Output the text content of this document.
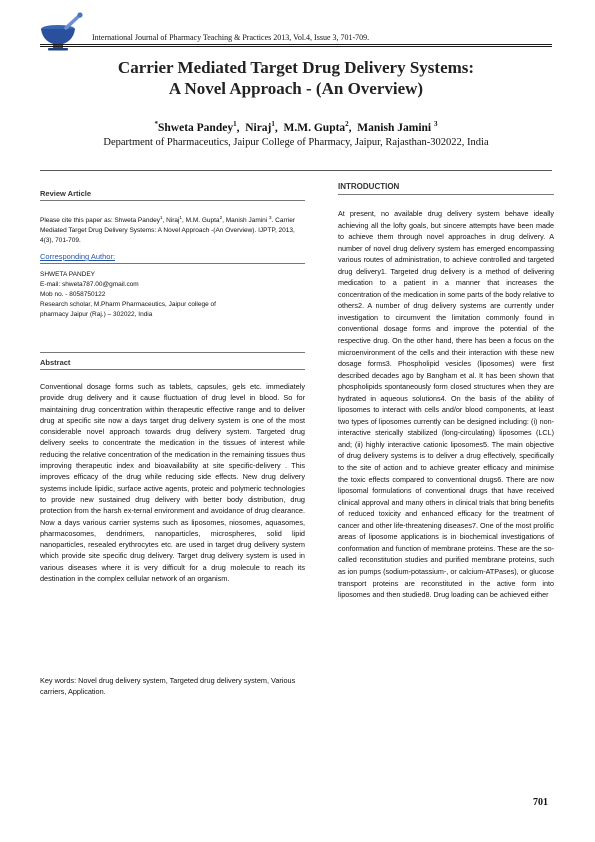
International Journal of Pharmacy Teaching & Practices 2013, Vol.4, Issue 3, 701-709.
Carrier Mediated Target Drug Delivery Systems:
A Novel Approach - (An Overview)
*Shweta Pandey$^1$,  Niraj$^1$,  M.M. Gupta$^2$,  Manish Jamini $^3$
Department of Pharmaceutics, Jaipur College of Pharmacy, Jaipur, Rajasthan-302022, India
Review Article
Please cite this paper as: Shweta Pandey$^1$, Niraj$^1$, M.M. Gupta$^2$, Manish Jamini $^3$. Carrier Mediated Target Drug Delivery Systems: A Novel Approach -(An Overview). IJPTP, 2013, 4(3), 701-709.
Corresponding Author:
SHWETA PANDEY
E-mail: shweta787.00@gmail.com
Mob no. - 8058750122
Research scholar, M.Pharm Pharmaceutics, Jaipur college of
pharmacy Jaipur (Raj.) – 302022, India
Abstract
Conventional dosage forms such as tablets, capsules, gels etc. immediately provide drug delivery and it cause fluctuation of drug level in blood. So for maintaining drug concentration within therapeutic effective range and to deliver drug at specific site now a days target drug delivery system is one of the most considerable novel approach towards drug delivery system. Targeted drug delivery seeks to concentrate the medication in the tissues of interest while reducing the relative concentration of the medication in the remaining tissues thus improving therapeutic index and bioavailability at site specific-delivery . This improves efficacy of the drug while reducing side effects. New drug delivery systems include lipidic, surface active agents, proteic and polymeric technologies to provide new sustained drug delivery with better body distribution, drug protection from the harsh ex-ternal environment and avoidance of drug clearance. Now a days various carrier systems such as liposomes, niosomes, aquasomes, pharmacosomes, dendrimers, nanoparticles, microspheres, solid lipid nanoparticles, resealed erythrocytes etc. are used in target drug delivery system which provide site specific drug delivery. Target drug delivery system is used in various diseases where it is very difficult for a drug molecule to reach its destination in the complex cellular network of an organism.
Key words: Novel drug delivery system, Targeted drug delivery system, Various carriers, Application.
INTRODUCTION
At present, no available drug delivery system behave ideally achieving all the lofty goals, but sincere attempts have been made to achieve them through novel approaches in drug delivery. A number of novel drug delivery system has emerged encompassing various routes of administration, to achieve controlled and targeted drug delivery1. Targeted drug delivery is a method of delivering medication to a patient in a manner that increases the concentration of the medication in some parts of the body relative to others2. A number of drug delivery systems are currently under investigation to circumvent the limitation commonly found in conventional dosage forms and improve the potential of the respective drug. On the other hand, there has been a focus on the microenvironment of the cells and their interaction with these new dosage forms3. Phospholipid vesicles (liposomes) were first described decades ago by Bangham et al. It has been shown that phospholipids spontaneously form closed structures when they are hydrated in aqueous solutions4. On the basis of the ability of liposomes to interact with cells and/or blood components, at least two types of liposomes currently can be designed including: (i) non-interactive sterically stabilized (long-circulating) liposomes (LCL) and; (ii) highly interactive cationic liposomes5. The main objective of drug delivery systems is to deliver a drug effectively, specifically to the site of action and to achieve greater efficacy and minimise the toxic effects compared to conventional drugs6. There are now liposomal formulations of conventional drugs that have received clinical approval and many others in clinical trials that bring benefits of reduced toxicity and enhanced efficacy for the treatment of cancer and other life-threatening diseases7. One of the most prolific areas of liposome applications is in biochemical investigations of conformation and function of membrane proteins. These are the so-called reconstitution studies and purified membrane proteins, such as ion pumps (sodium-potassium-, or calcium-ATPases), or glucose transport proteins are reconstituted in the active form into liposomes and then studied8. Drug loading can be achieved either
701
